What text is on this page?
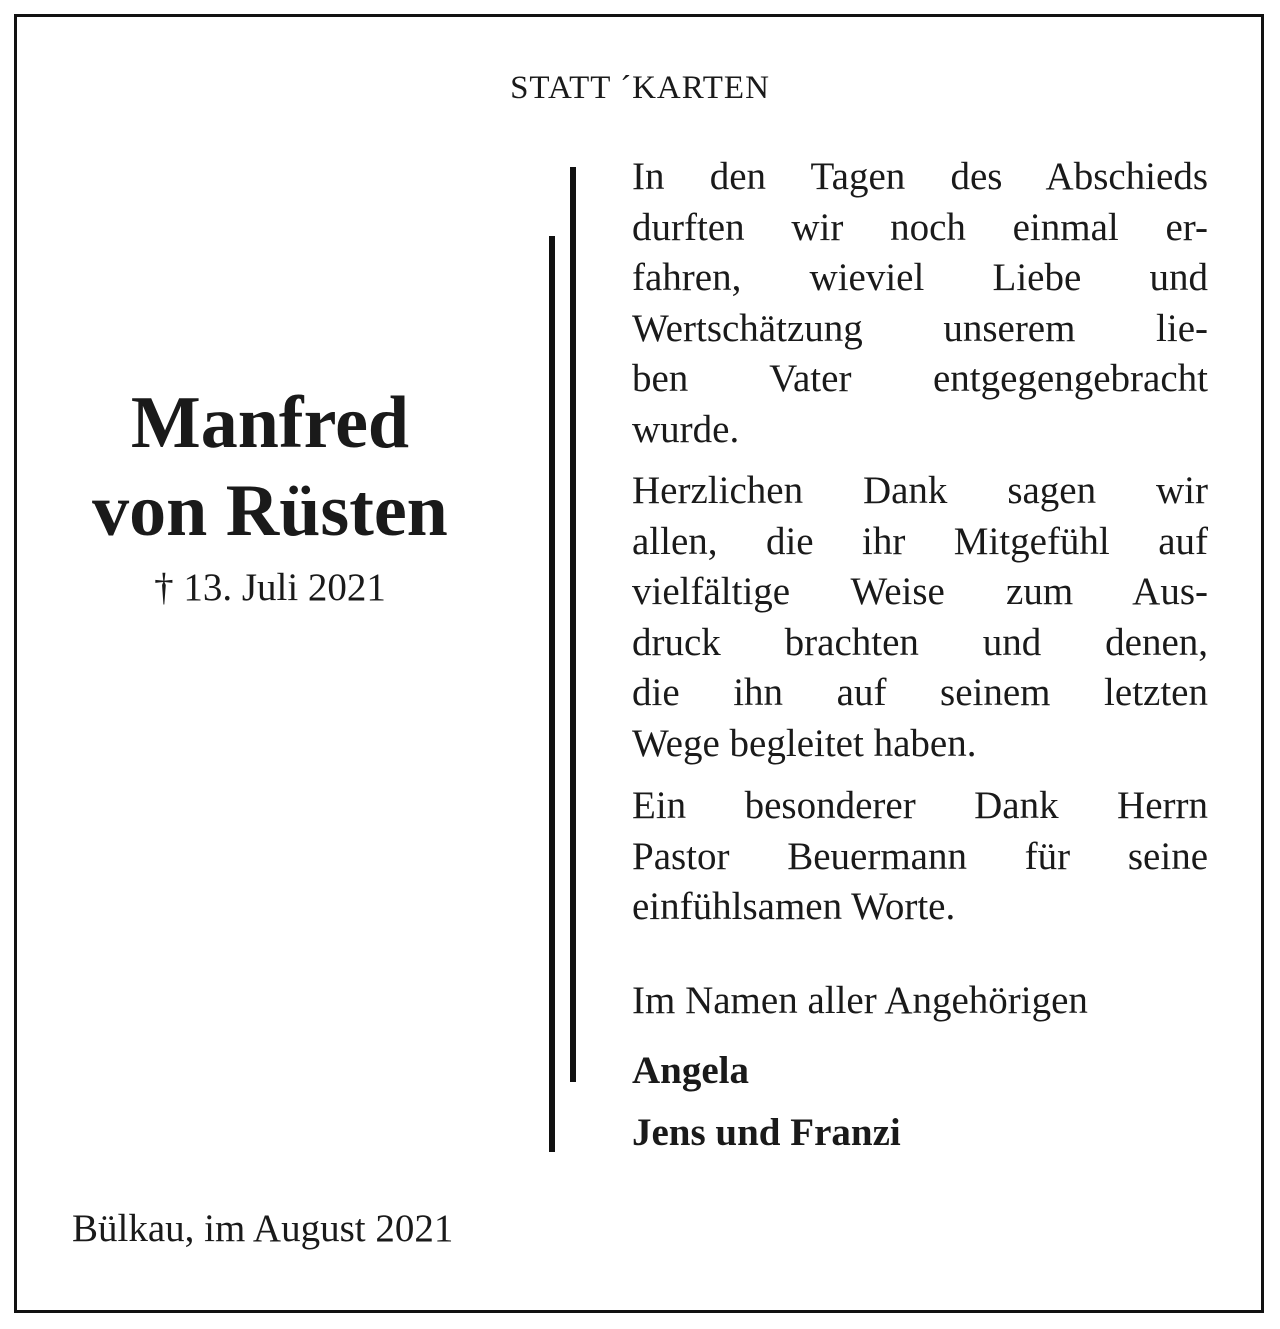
STATT ´KARTEN
Manfred
von Rüsten
† 13. Juli 2021
In den Tagen des Abschieds
durften wir noch einmal er-
fahren, wieviel Liebe und
Wertschätzung unserem lie-
ben Vater entgegengebracht
wurde.
Herzlichen Dank sagen wir
allen, die ihr Mitgefühl auf
vielfältige Weise zum Aus-
druck brachten und denen,
die ihn auf seinem letzten
Wege begleitet haben.
Ein besonderer Dank Herrn
Pastor Beuermann für seine
einfühlsamen Worte.
Im Namen aller Angehörigen
Angela
Jens und Franzi
Bülkau, im August 2021
